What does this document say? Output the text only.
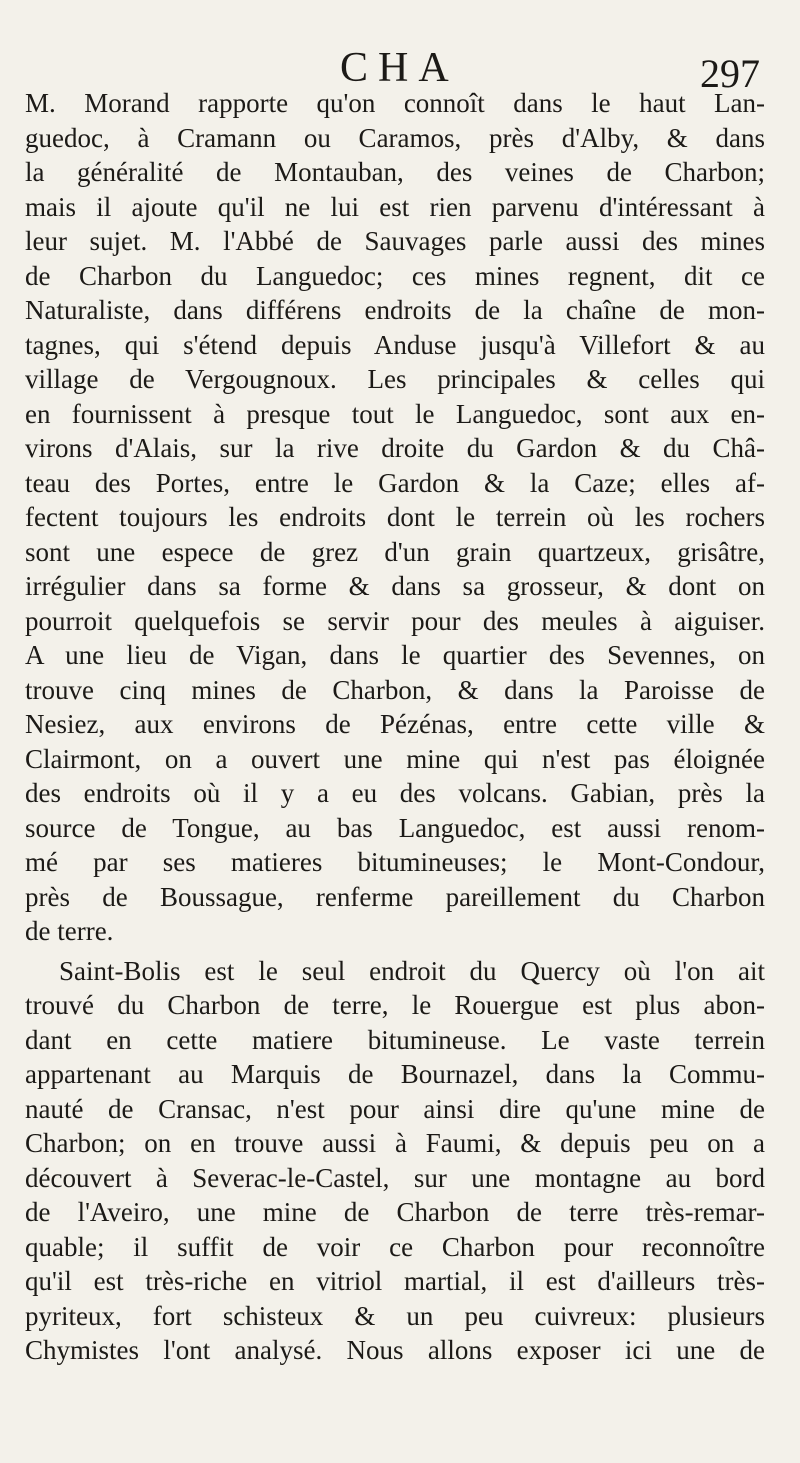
CHA	297
M. Morand rapporte qu'on connoît dans le haut Lan-
guedoc, à Cramann ou Caramos, près d'Alby, & dans
la généralité de Montauban, des veines de Charbon;
mais il ajoute qu'il ne lui est rien parvenu d'intéressant à
leur sujet. M. l'Abbé de Sauvages parle aussi des mines
de Charbon du Languedoc; ces mines regnent, dit ce
Naturaliste, dans différens endroits de la chaîne de mon-
tagnes, qui s'étend depuis Anduse jusqu'à Villefort & au
village de Vergougnoux. Les principales & celles qui
en fournissent à presque tout le Languedoc, sont aux en-
virons d'Alais, sur la rive droite du Gardon & du Châ-
teau des Portes, entre le Gardon & la Caze; elles af-
fectent toujours les endroits dont le terrein où les rochers
sont une espece de grez d'un grain quartzeux, grisâtre,
irrégulier dans sa forme & dans sa grosseur, & dont on
pourroit quelquefois se servir pour des meules à aiguiser.
A une lieu de Vigan, dans le quartier des Sevennes, on
trouve cinq mines de Charbon, & dans la Paroisse de
Nesiez, aux environs de Pézénas, entre cette ville &
Clairmont, on a ouvert une mine qui n'est pas éloignée
des endroits où il y a eu des volcans. Gabian, près la
source de Tongue, au bas Languedoc, est aussi renom-
mé par ses matieres bitumineuses; le Mont-Condour,
près de Boussague, renferme pareillement du Charbon
de terre.
Saint-Bolis est le seul endroit du Quercy où l'on ait
trouvé du Charbon de terre, le Rouergue est plus abon-
dant en cette matiere bitumineuse. Le vaste terrein
appartenant au Marquis de Bournazel, dans la Commu-
nauté de Cransac, n'est pour ainsi dire qu'une mine de
Charbon; on en trouve aussi à Faumi, & depuis peu on a
découvert à Severac-le-Castel, sur une montagne au bord
de l'Aveiro, une mine de Charbon de terre très-remar-
quable; il suffit de voir ce Charbon pour reconnoître
qu'il est très-riche en vitriol martial, il est d'ailleurs très-
pyriteux, fort schisteux & un peu cuivreux: plusieurs
Chymistes l'ont analysé. Nous allons exposer ici une de
